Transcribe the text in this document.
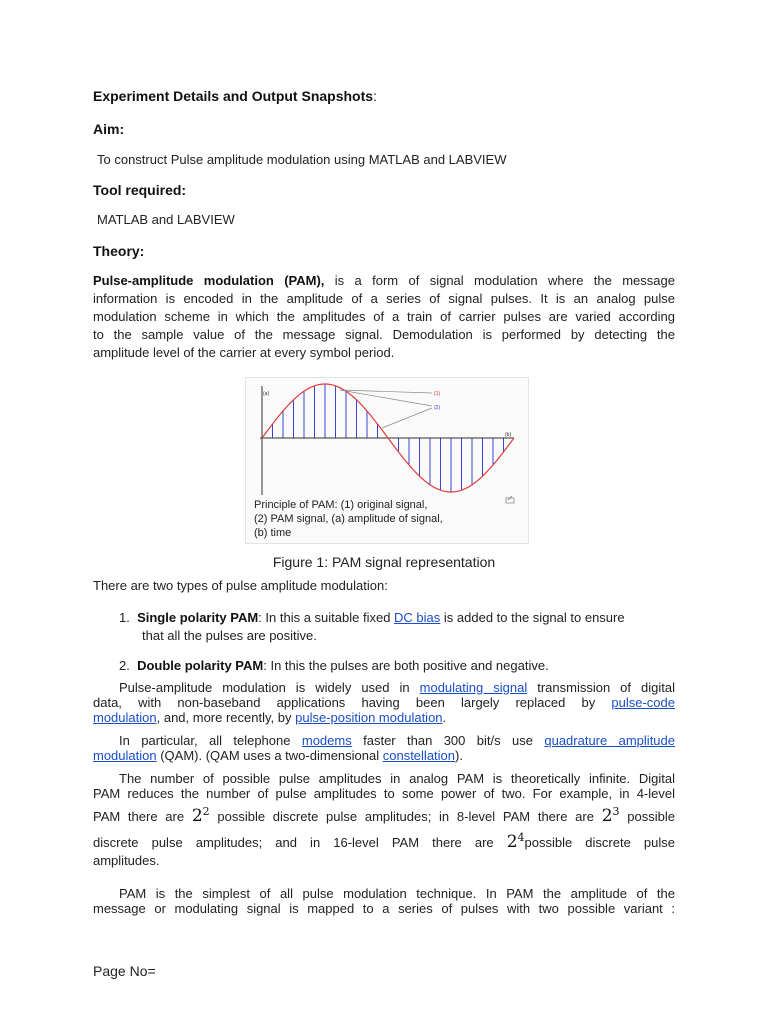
Experiment Details and Output Snapshots:
Aim:
To construct Pulse amplitude modulation using MATLAB and LABVIEW
Tool required:
MATLAB and LABVIEW
Theory:
Pulse-amplitude modulation (PAM), is a form of signal modulation where the message
information is encoded in the amplitude of a series of signal pulses. It is an analog pulse
modulation scheme in which the amplitudes of a train of carrier pulses are varied according
to the sample value of the message signal. Demodulation is performed by detecting the
amplitude level of the carrier at every symbol period.
(a)	(1)
(2)
(b)
Principle of PAM: (1) original signal,
(2) PAM signal, (a) amplitude of signal,
(b) time
Figure 1: PAM signal representation
There are two types of pulse amplitude modulation:
1. Single polarity PAM: In this a suitable fixed DC bias is added to the signal to ensure
that all the pulses are positive.
2. Double polarity PAM: In this the pulses are both positive and negative.
Pulse-amplitude modulation is widely used in modulating signal transmission of digital
data, with non-baseband applications having been largely replaced by pulse-code
modulation, and, more recently, by pulse-position modulation.
In particular, all telephone modems faster than 300 bit/s use quadrature amplitude
modulation (QAM). (QAM uses a two-dimensional constellation).
The number of possible pulse amplitudes in analog PAM is theoretically infinite. Digital
PAM reduces the number of pulse amplitudes to some power of two. For example, in 4-level
PAM there are $2^2$ possible discrete pulse amplitudes; in 8-level PAM there are $2^3$ possible
discrete pulse amplitudes; and in 16-level PAM there are $2^4possible$ discrete pulse
amplitudes.
PAM is the simplest of all pulse modulation technique. In PAM the amplitude of the
message or modulating signal is mapped to a series of pulses with two possible variant :
Page No=
